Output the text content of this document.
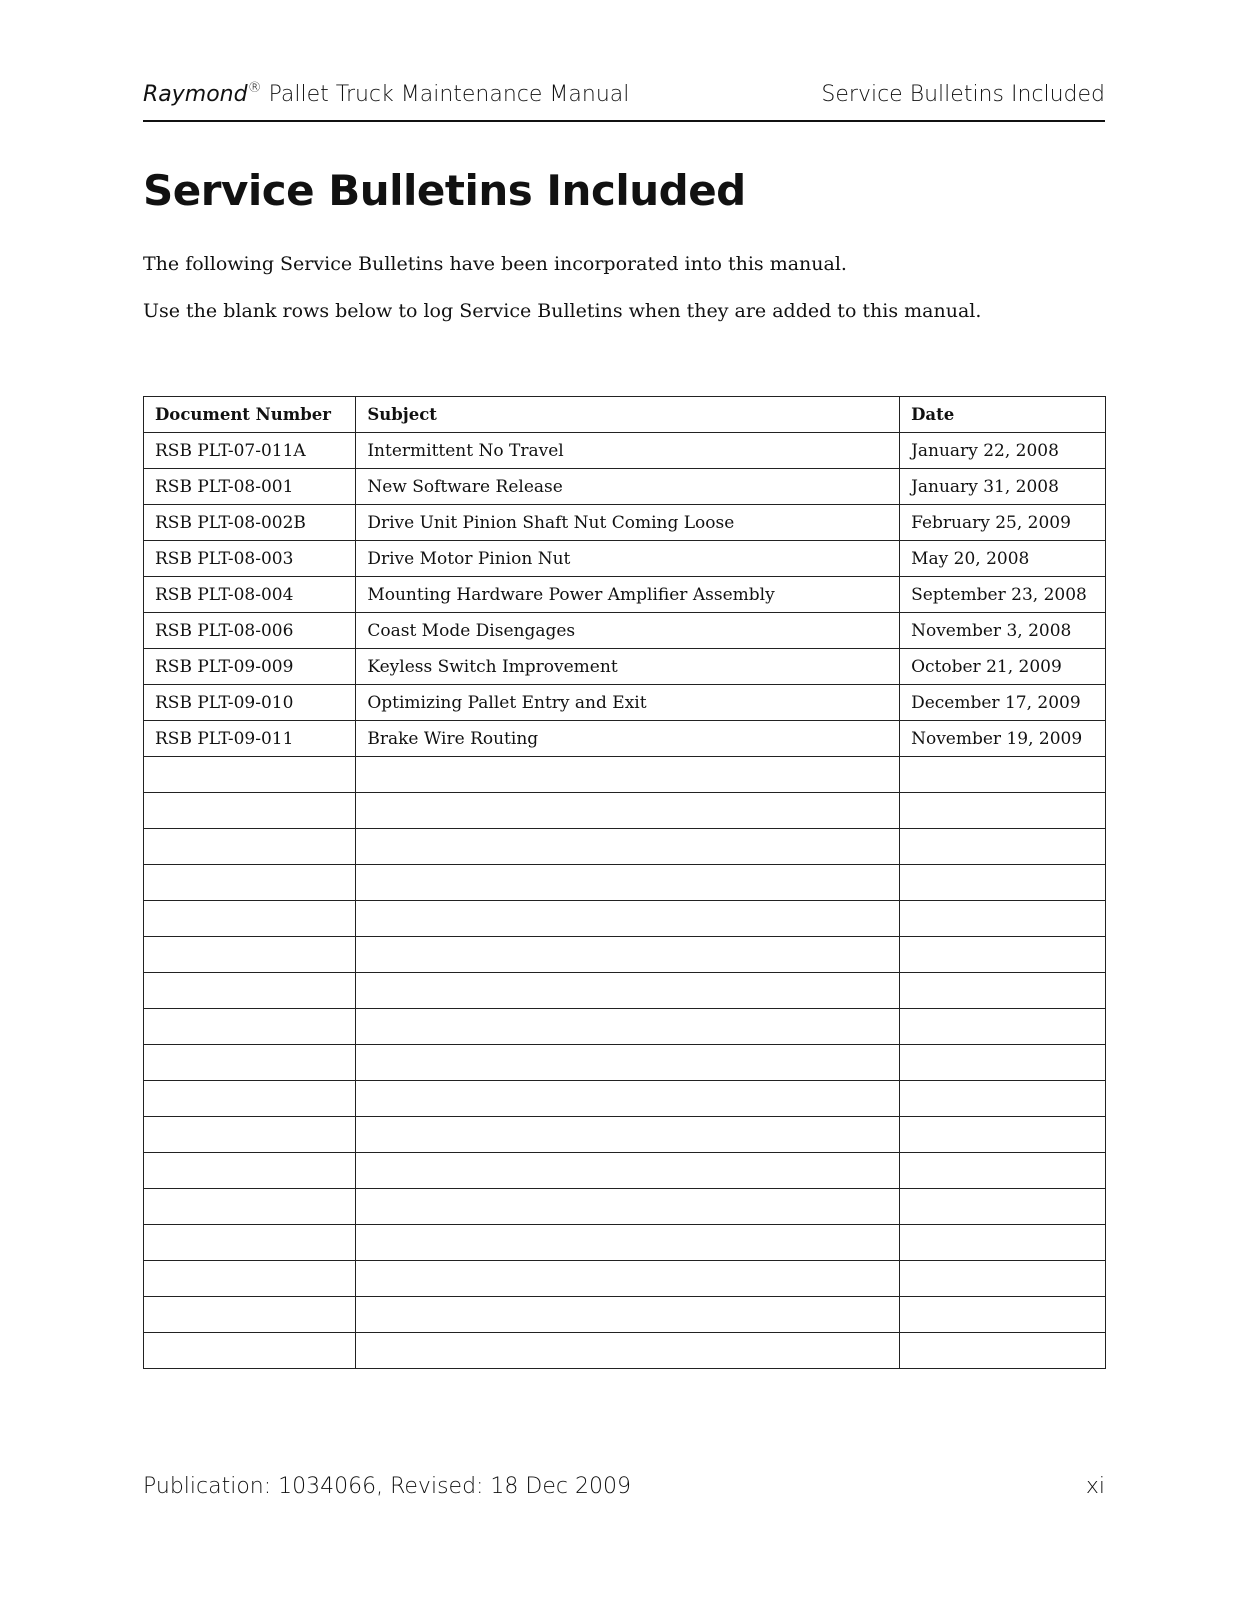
Raymond® Pallet Truck Maintenance Manual	Service Bulletins Included
Service Bulletins Included

The following Service Bulletins have been incorporated into this manual.

Use the blank rows below to log Service Bulletins when they are added to this manual.

Document Number	Subject	Date
RSB PLT-07-011A	Intermittent No Travel	January 22, 2008
RSB PLT-08-001	New Software Release	January 31, 2008
RSB PLT-08-002B	Drive Unit Pinion Shaft Nut Coming Loose	February 25, 2009
RSB PLT-08-003	Drive Motor Pinion Nut	May 20, 2008
RSB PLT-08-004	Mounting Hardware Power Amplifier Assembly	September 23, 2008
RSB PLT-08-006	Coast Mode Disengages	November 3, 2008
RSB PLT-09-009	Keyless Switch Improvement	October 21, 2009
RSB PLT-09-010	Optimizing Pallet Entry and Exit	December 17, 2009
RSB PLT-09-011	Brake Wire Routing	November 19, 2009

Publication: 1034066, Revised: 18 Dec 2009	xi
